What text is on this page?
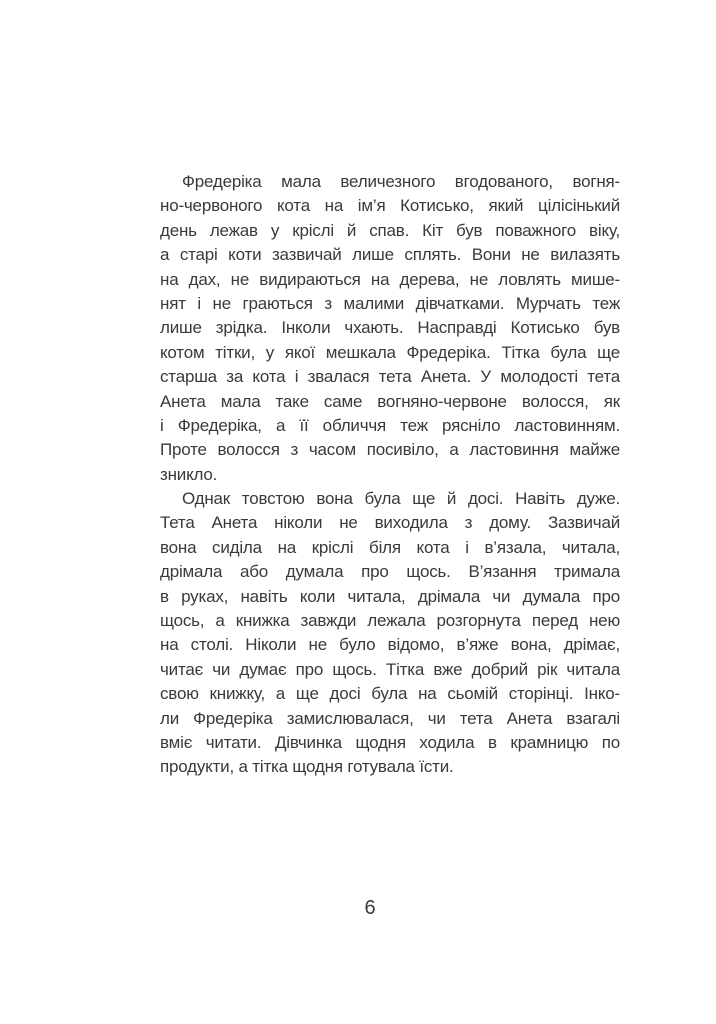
Фредеріка мала величезного вгодованого, вогня-
но-червоного кота на ім’я Котисько, який цілісінький
день лежав у кріслі й спав. Кіт був поважного віку,
а старі коти зазвичай лише сплять. Вони не вилазять
на дах, не видираються на дерева, не ловлять мише-
нят і не граються з малими дівчатками. Мурчать теж
лише зрідка. Інколи чхають. Насправді Котисько був
котом тітки, у якої мешкала Фредеріка. Тітка була ще
старша за кота і звалася тета Анета. У молодості тета
Анета мала таке саме вогняно-червоне волосся, як
і Фредеріка, а її обличчя теж рясніло ластовинням.
Проте волосся з часом посивіло, а ластовиння майже
зникло.
Однак товстою вона була ще й досі. Навіть дуже.
Тета Анета ніколи не виходила з дому. Зазвичай
вона сиділа на кріслі біля кота і в’язала, читала,
дрімала або думала про щось. В’язання тримала
в руках, навіть коли читала, дрімала чи думала про
щось, а книжка завжди лежала розгорнута перед нею
на столі. Ніколи не було відомо, в’яже вона, дрімає,
читає чи думає про щось. Тітка вже добрий рік читала
свою книжку, а ще досі була на сьомій сторінці. Інко-
ли Фредеріка замислювалася, чи тета Анета взагалі
вміє читати. Дівчинка щодня ходила в крамницю по
продукти, а тітка щодня готувала їсти.
6
